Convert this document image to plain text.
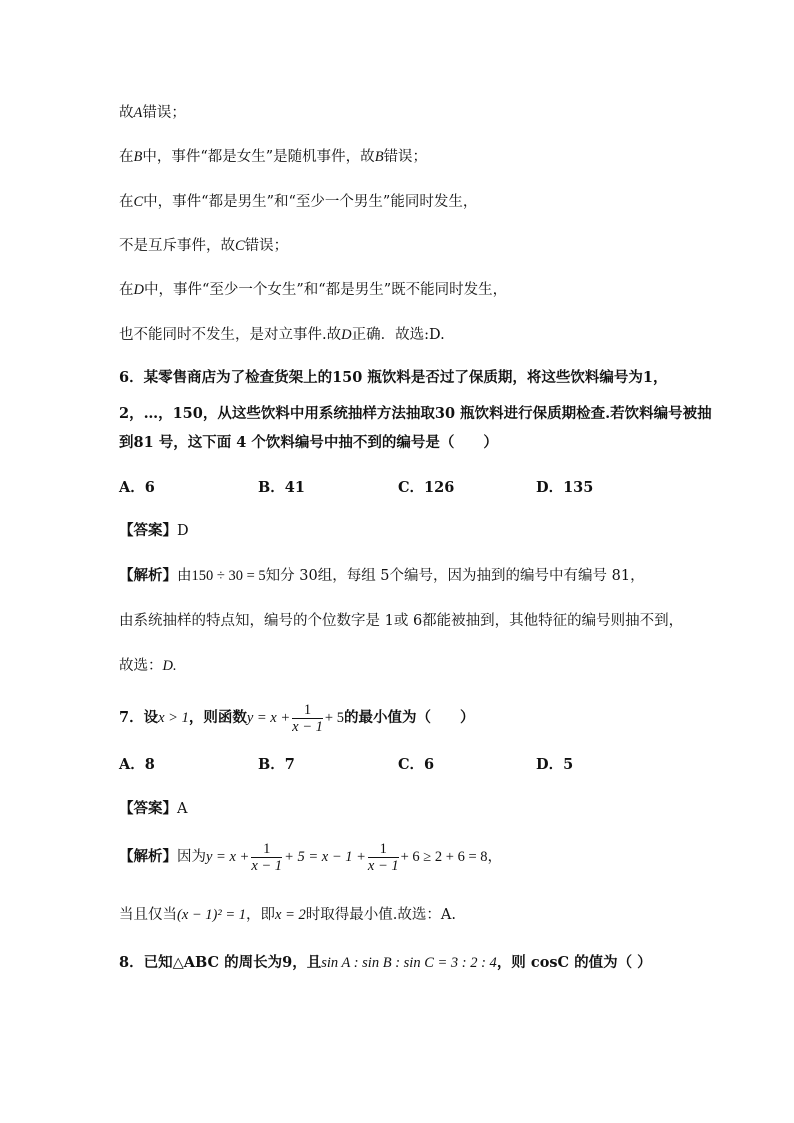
故A错误；
在B中，事件“都是女生”是随机事件，故B错误；
在C中，事件“都是男生”和“至少一个男生”能同时发生，
不是互斥事件，故C错误；
在D中，事件“至少一个女生”和“都是男生”既不能同时发生，
也不能同时不发生，是对立事件.故D正确．故选:D.
6．某零售商店为了检查货架上的150 瓶饮料是否过了保质期，将这些饮料编号为1，
2，…，150，从这些饮料中用系统抽样方法抽取30 瓶饮料进行保质期检查.若饮料编号被抽
到81 号，这下面 4 个饮料编号中抽不到的编号是（　　）
A．6	B．41	C．126	D．135
【答案】D
【解析】由150 ÷ 30 = 5知分 30组，每组 5个编号，因为抽到的编号中有编号 81，
由系统抽样的特点知，编号的个位数字是 1或 6都能被抽到，其他特征的编号则抽不到，
故选：D.
7．设x > 1，则函数$y = x + \frac{1}{x - 1} + 5$的最小值为（　　）
A．8	B．7	C．6	D．5
【答案】A
【解析】因为$y = x + \frac{1}{x - 1} + 5 = x - 1 + \frac{1}{x - 1} + 6 \ge 2 + 6 = 8$，
当且仅当(x − 1)² = 1，即x = 2时取得最小值.故选：A.
8．已知△ABC 的周长为9，且sin A : sin B : sin C = 3 : 2 : 4，则 cosC 的值为（ ）
